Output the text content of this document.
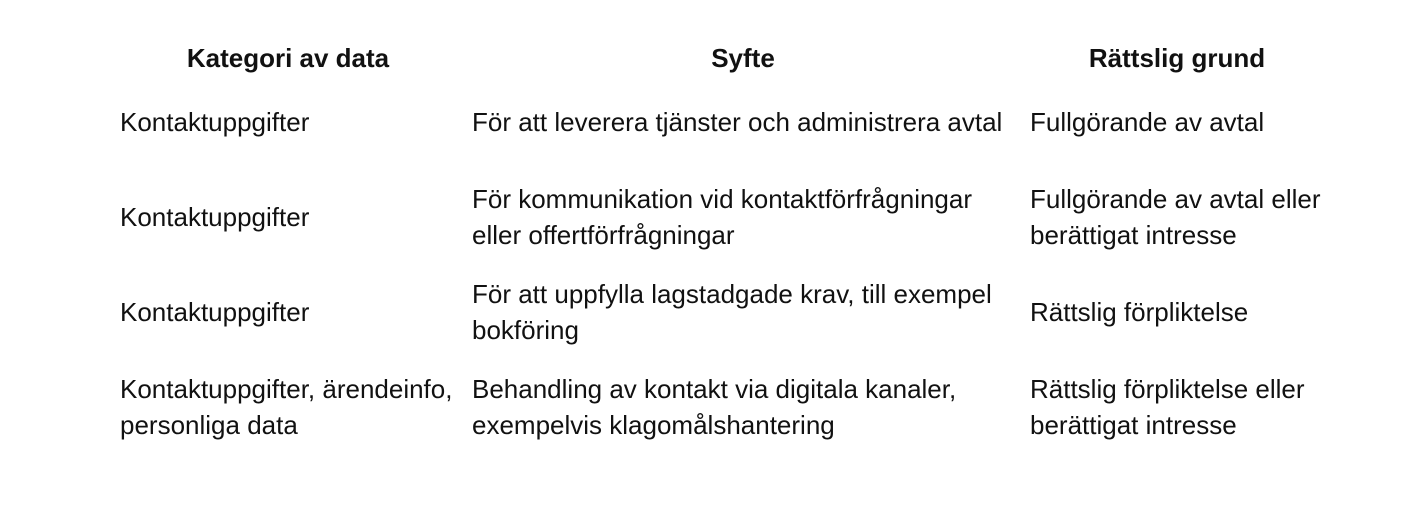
Kategori av data	Syfte	Rättslig grund
Kontaktuppgifter	För att leverera tjänster och administrera avtal	Fullgörande av avtal
Kontaktuppgifter	För kommunikation vid kontaktförfrågningar eller offertförfrågningar	Fullgörande av avtal eller berättigat intresse
Kontaktuppgifter	För att uppfylla lagstadgade krav, till exempel bokföring	Rättslig förpliktelse
Kontaktuppgifter, ärendeinfo, personliga data	Behandling av kontakt via digitala kanaler, exempelvis klagomålshantering	Rättslig förpliktelse eller berättigat intresse
